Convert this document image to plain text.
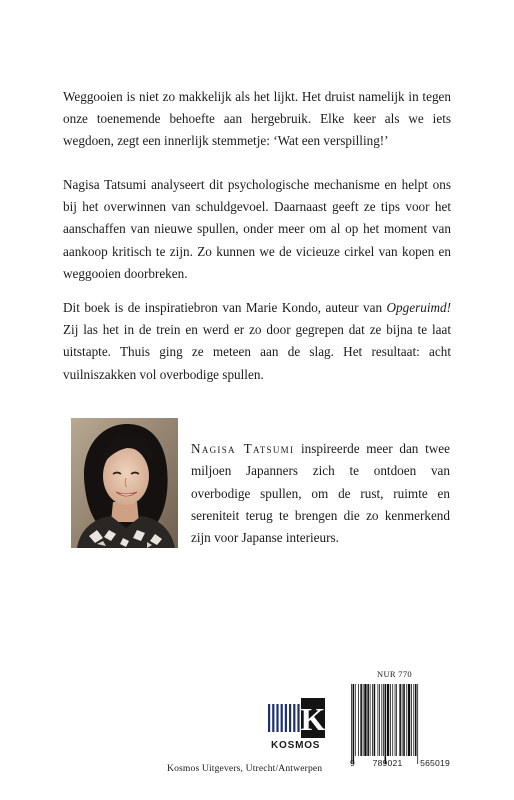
Weggooien is niet zo makkelijk als het lijkt. Het druist namelijk in tegen onze toenemende behoefte aan hergebruik. Elke keer als we iets wegdoen, zegt een innerlijk stemmetje: ‘Wat een verspilling!’

Nagisa Tatsumi analyseert dit psychologische mechanisme en helpt ons bij het overwinnen van schuldgevoel. Daarnaast geeft ze tips voor het aanschaffen van nieuwe spullen, onder meer om al op het moment van aankoop kritisch te zijn. Zo kunnen we de vicieuze cirkel van kopen en weggooien doorbreken.

Dit boek is de inspiratiebron van Marie Kondo, auteur van Opgeruimd! Zij las het in de trein en werd er zo door gegrepen dat ze bijna te laat uitstapte. Thuis ging ze meteen aan de slag. Het resultaat: acht vuilniszakken vol overbodige spullen.

Nagisa Tatsumi inspireerde meer dan twee miljoen Japanners zich te ontdoen van overbodige spullen, om de rust, ruimte en sereniteit terug te brengen die zo kenmerkend zijn voor Japanse interieurs.

K
KOSMOS
NUR 770
9 789021 565019
Kosmos Uitgevers, Utrecht/Antwerpen
